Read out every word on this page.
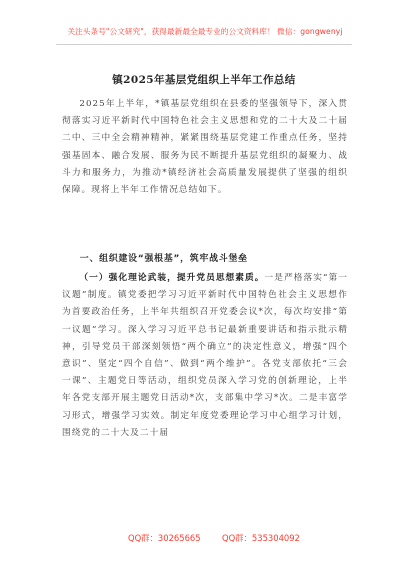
关注头条号"公文研究"，获得最新最全最专业的公文资料库！ 微信：gongwenyj
镇2025年基层党组织上半年工作总结

2025年上半年，*镇基层党组织在县委的坚强领导下，深入贯彻落实习近平新时代中国特色社会主义思想和党的二十大及二十届二中、三中全会精神精神，紧紧围绕基层党建工作重点任务，坚持强基固本、融合发展、服务为民不断提升基层党组织的凝聚力、战斗力和服务力，为推动*镇经济社会高质量发展提供了坚强的组织保障。现将上半年工作情况总结如下。

一、组织建设“强根基”，筑牢战斗堡垒

（一）强化理论武装，提升党员思想素质。一是严格落实“第一议题”制度。镇党委把学习习近平新时代中国特色社会主义思想作为首要政治任务，上半年共组织召开党委会议*次，每次均安排“第一议题”学习。深入学习习近平总书记最新重要讲话和指示批示精神，引导党员干部深刻领悟“两个确立”的决定性意义，增强“四个意识”、坚定“四个自信”、做到“两个维护”。各党支部依托“三会一课”、主题党日等活动，组织党员深入学习党的创新理论，上半年各党支部开展主题党日活动*次，支部集中学习*次。二是丰富学习形式，增强学习实效。制定年度党委理论学习中心组学习计划，围绕党的二十大及二十届

QQ群：30265665	QQ群：535304092
